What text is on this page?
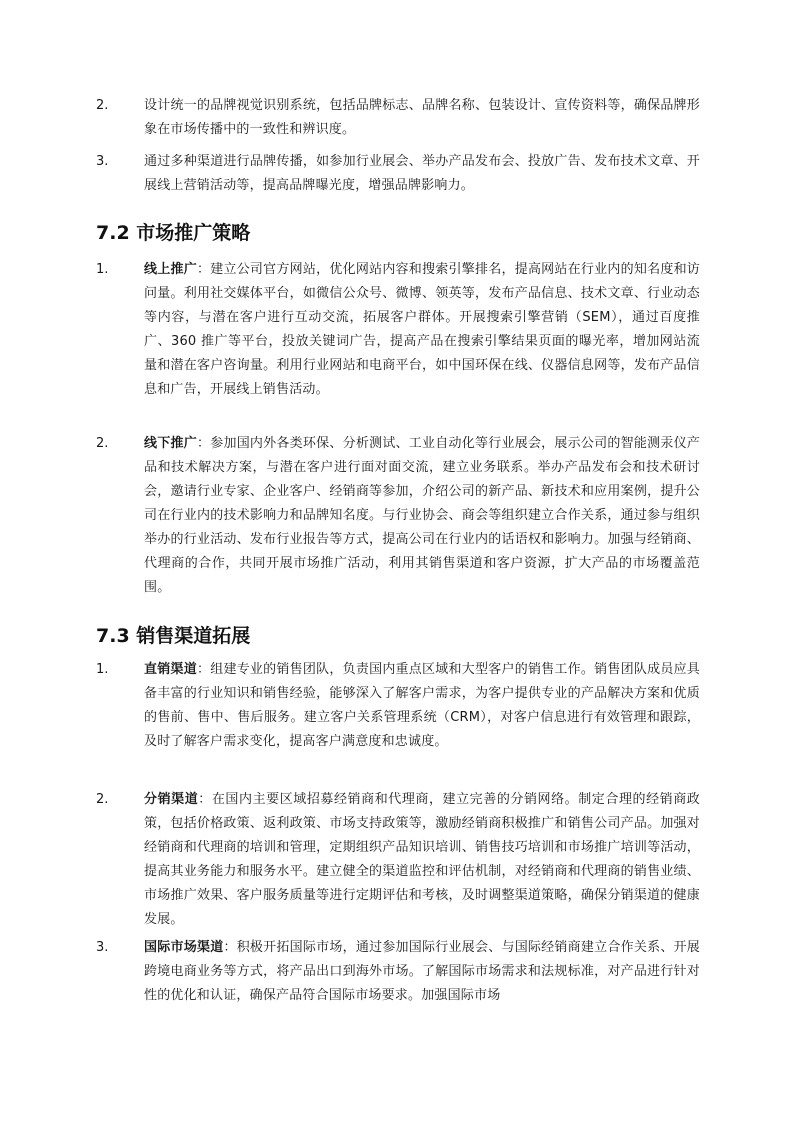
2.	设计统一的品牌视觉识别系统，包括品牌标志、品牌名称、包装设计、宣传资料等，确保品牌形象在市场传播中的一致性和辨识度。
3.	通过多种渠道进行品牌传播，如参加行业展会、举办产品发布会、投放广告、发布技术文章、开展线上营销活动等，提高品牌曝光度，增强品牌影响力。
7.2 市场推广策略
1.	线上推广：建立公司官方网站，优化网站内容和搜索引擎排名，提高网站在行业内的知名度和访问量。利用社交媒体平台，如微信公众号、微博、领英等，发布产品信息、技术文章、行业动态等内容，与潜在客户进行互动交流，拓展客户群体。开展搜索引擎营销（SEM），通过百度推广、360 推广等平台，投放关键词广告，提高产品在搜索引擎结果页面的曝光率，增加网站流量和潜在客户咨询量。利用行业网站和电商平台，如中国环保在线、仪器信息网等，发布产品信息和广告，开展线上销售活动。
2.	线下推广：参加国内外各类环保、分析测试、工业自动化等行业展会，展示公司的智能测汞仪产品和技术解决方案，与潜在客户进行面对面交流，建立业务联系。举办产品发布会和技术研讨会，邀请行业专家、企业客户、经销商等参加，介绍公司的新产品、新技术和应用案例，提升公司在行业内的技术影响力和品牌知名度。与行业协会、商会等组织建立合作关系，通过参与组织举办的行业活动、发布行业报告等方式，提高公司在行业内的话语权和影响力。加强与经销商、代理商的合作，共同开展市场推广活动，利用其销售渠道和客户资源，扩大产品的市场覆盖范围。
7.3 销售渠道拓展
1.	直销渠道：组建专业的销售团队，负责国内重点区域和大型客户的销售工作。销售团队成员应具备丰富的行业知识和销售经验，能够深入了解客户需求，为客户提供专业的产品解决方案和优质的售前、售中、售后服务。建立客户关系管理系统（CRM），对客户信息进行有效管理和跟踪，及时了解客户需求变化，提高客户满意度和忠诚度。
2.	分销渠道：在国内主要区域招募经销商和代理商，建立完善的分销网络。制定合理的经销商政策，包括价格政策、返利政策、市场支持政策等，激励经销商积极推广和销售公司产品。加强对经销商和代理商的培训和管理，定期组织产品知识培训、销售技巧培训和市场推广培训等活动，提高其业务能力和服务水平。建立健全的渠道监控和评估机制，对经销商和代理商的销售业绩、市场推广效果、客户服务质量等进行定期评估和考核，及时调整渠道策略，确保分销渠道的健康发展。
3.	国际市场渠道：积极开拓国际市场，通过参加国际行业展会、与国际经销商建立合作关系、开展跨境电商业务等方式，将产品出口到海外市场。了解国际市场需求和法规标准，对产品进行针对性的优化和认证，确保产品符合国际市场要求。加强国际市场
